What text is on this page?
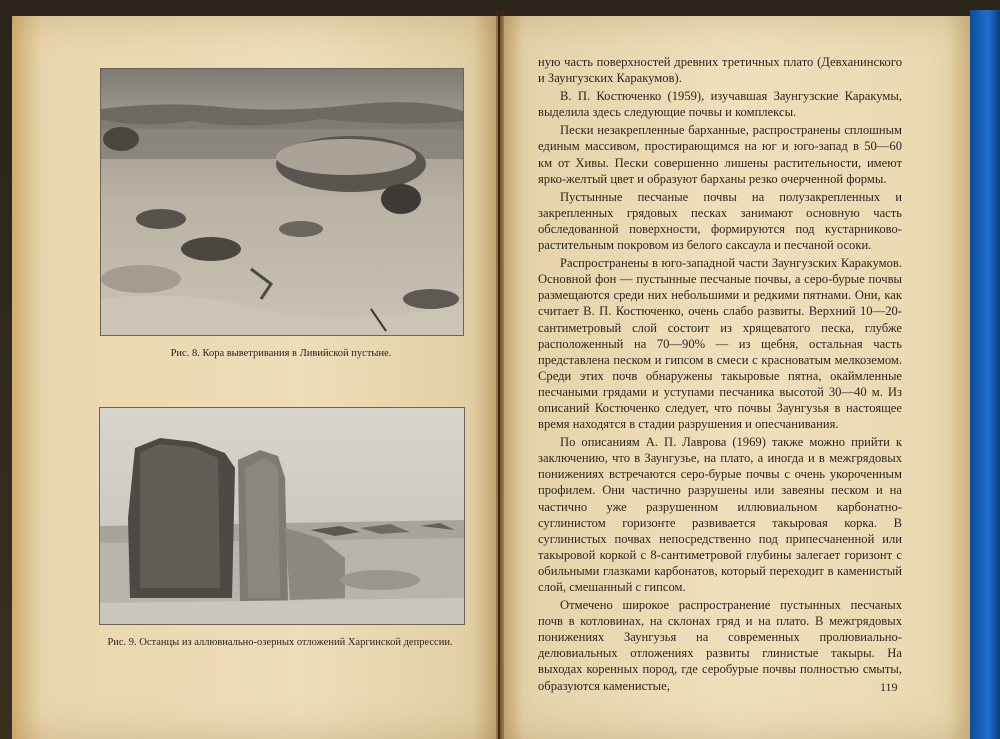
Рис. 8. Кора выветривания в Ливийской пустыне.
Рис. 9. Останцы из аллювиально-озерных отложений Харгинской депрессии.

ную часть поверхностей древних третичных плато (Девханинского и Заунгузских Каракумов).

В. П. Костюченко (1959), изучавшая Заунгузские Каракумы, выделила здесь следующие почвы и комплексы.

Пески незакрепленные барханные, распространены сплошным единым массивом, простирающимся на юг и юго-запад в 50—60 км от Хивы. Пески совершенно лишены растительности, имеют ярко-желтый цвет и образуют барханы резко очерченной формы.

Пустынные песчаные почвы на полузакрепленных и закрепленных грядовых песках занимают основную часть обследованной поверхности, формируются под кустарниково-растительным покровом из белого саксаула и песчаной осоки.

Распространены в юго-западной части Заунгузских Каракумов. Основной фон — пустынные песчаные почвы, а серо-бурые почвы размещаются среди них небольшими и редкими пятнами. Они, как считает В. П. Костюченко, очень слабо развиты. Верхний 10—20-сантиметровый слой состоит из хрящеватого песка, глубже расположенный на 70—90% — из щебня, остальная часть представлена песком и гипсом в смеси с красноватым мелкоземом. Среди этих почв обнаружены такыровые пятна, окаймленные песчаными грядами и уступами песчаника высотой 30—40 м. Из описаний Костюченко следует, что почвы Заунгузья в настоящее время находятся в стадии разрушения и опесчанивания.

По описаниям А. П. Лаврова (1969) также можно прийти к заключению, что в Заунгузье, на плато, а иногда и в межгрядовых понижениях встречаются серо-бурые почвы с очень укороченным профилем. Они частично разрушены или завеяны песком и на частично уже разрушенном иллювиальном карбонатно-суглинистом горизонте развивается такыровая корка. В суглинистых почвах непосредственно под припесчаненной или такыровой коркой с 8-сантиметровой глубины залегает горизонт с обильными глазками карбонатов, который переходит в каменистый слой, смешанный с гипсом.

Отмечено широкое распространение пустынных песчаных почв в котловинах, на склонах гряд и на плато. В межгрядовых понижениях Заунгузья на современных пролювиально-делювиальных отложениях развиты глинистые такыры. На выходах коренных пород, где серобурые почвы полностью смыты, образуются каменистые,	119
